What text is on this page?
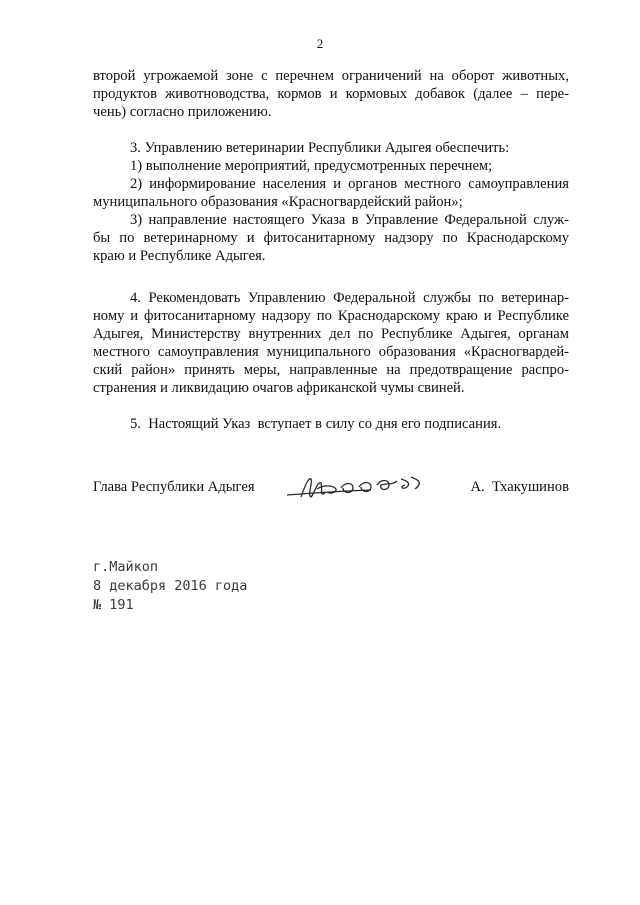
2
второй угрожаемой зоне с перечнем ограничений на оборот животных,
продуктов животноводства, кормов и кормовых добавок (далее – пере-
чень) согласно приложению.
3. Управлению ветеринарии Республики Адыгея обеспечить:
1) выполнение мероприятий, предусмотренных перечнем;
2) информирование населения и органов местного самоуправления
муниципального образования «Красногвардейский район»;
3) направление настоящего Указа в Управление Федеральной служ-
бы по ветеринарному и фитосанитарному надзору по Краснодарскому
краю и Республике Адыгея.
4. Рекомендовать Управлению Федеральной службы по ветеринар-
ному и фитосанитарному надзору по Краснодарскому краю и Республике
Адыгея, Министерству внутренних дел по Республике Адыгея, органам
местного самоуправления муниципального образования «Красногвардей-
ский район» принять меры, направленные на предотвращение распро-
странения и ликвидацию очагов африканской чумы свиней.
5.  Настоящий Указ  вступает в силу со дня его подписания.
Глава Республики Адыгея	А.  Тхакушинов
г.Майкоп
8 декабря 2016 года
№ 191
